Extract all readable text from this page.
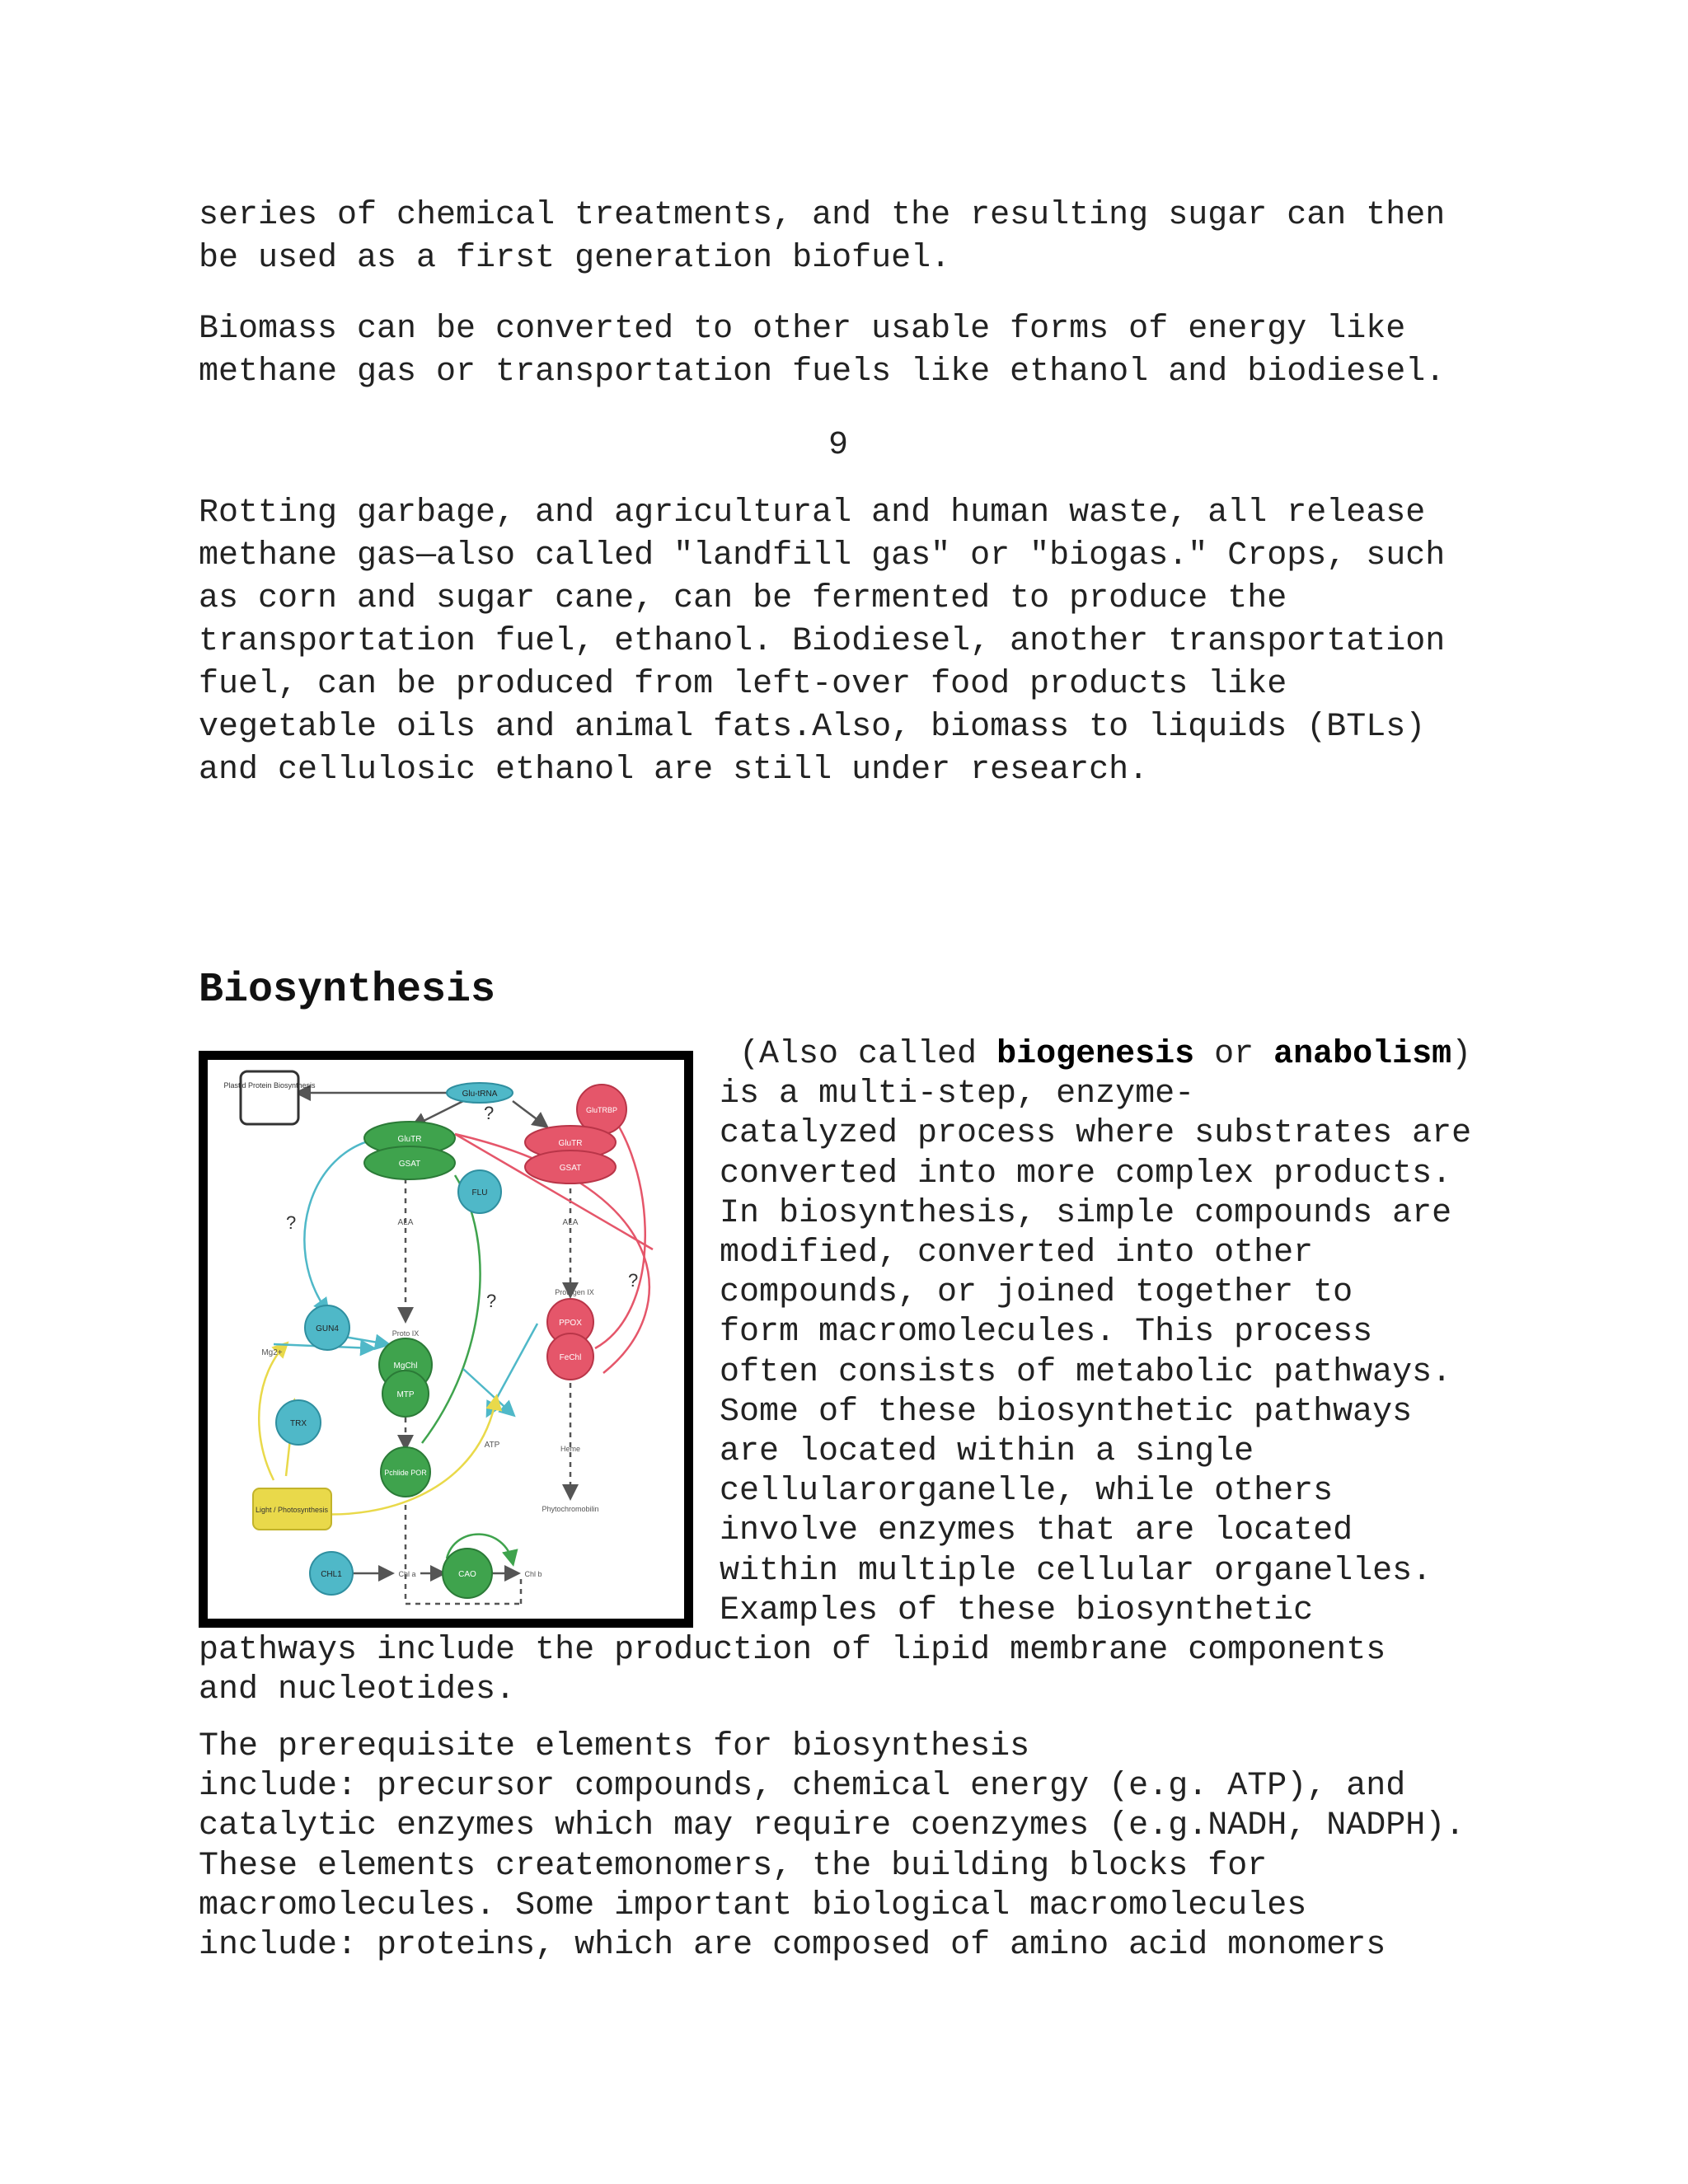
series of chemical treatments, and the resulting sugar can then
be used as a first generation biofuel.
Biomass can be converted to other usable forms of energy like
methane gas or transportation fuels like ethanol and biodiesel.
9
Rotting garbage, and agricultural and human waste, all release
methane gas—also called "landfill gas" or "biogas." Crops, such
as corn and sugar cane, can be fermented to produce the
transportation fuel, ethanol. Biodiesel, another transportation
fuel, can be produced from left-over food products like
vegetable oils and animal fats.Also, biomass to liquids (BTLs)
and cellulosic ethanol are still under research.
Biosynthesis
Plastid Protein Biosynthesis
Glu-tRNA
GluTRBP
GluTR
GSAT
GluTR
GSAT
FLU
ALA	ALA
GUN4	Proto IX
MgChl
MTP
Protogen IX
PPOX
FeChl
Mg2+
TRX
Pchlide POR
ATP	Heme
Phytochromobilin
Light / Photosynthesis
CHL1	Chl a	CAO	Chl b
?
?
?
?
(Also called biogenesis or anabolism)
is a multi-step, enzyme-
catalyzed process where substrates are
converted into more complex products.
In biosynthesis, simple compounds are
modified, converted into other
compounds, or joined together to
form macromolecules. This process
often consists of metabolic pathways.
Some of these biosynthetic pathways
are located within a single
cellularorganelle, while others
involve enzymes that are located
within multiple cellular organelles.
Examples of these biosynthetic
pathways include the production of lipid membrane components
and nucleotides.
The prerequisite elements for biosynthesis
include: precursor compounds, chemical energy (e.g. ATP), and
catalytic enzymes which may require coenzymes (e.g.NADH, NADPH).
These elements createmonomers, the building blocks for
macromolecules. Some important biological macromolecules
include: proteins, which are composed of amino acid monomers
